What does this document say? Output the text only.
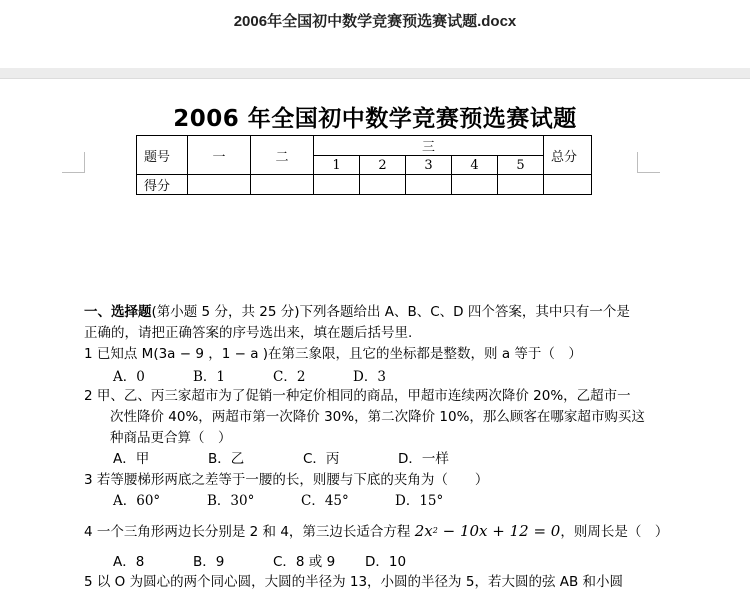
2006年全国初中数学竞赛预选赛试题.docx
2006 年全国初中数学竞赛预选赛试题
题号	一	二	三					总分
			1	2	3	4	5	
得分								
一、选择题(第小题 5 分，共 25 分)下列各题给出 A、B、C、D 四个答案，其中只有一个是
正确的，请把正确答案的序号选出来，填在题后括号里.
1 已知点 M(3a − 9 ，1 − a )在第三象限，且它的坐标都是整数，则 a 等于（　）
A．0	B．1	C．2	D．3
2 甲、乙、丙三家超市为了促销一种定价相同的商品，甲超市连续两次降价 20%，乙超市一
次性降价 40%，两超市第一次降价 30%，第二次降价 10%，那么顾客在哪家超市购买这
种商品更合算（　）
A．甲	B．乙	C．丙	D．一样
3 若等腰梯形两底之差等于一腰的长，则腰与下底的夹角为（　　）
A．60°	B．30°	C．45°	D．15°
4 一个三角形两边长分别是 2 和 4，第三边长适合方程 $2x^2 - 10x + 12 = 0$，则周长是（　）
A．8	B．9	C．8 或 9 D．10
5 以 O 为圆心的两个同心圆，大圆的半径为 13，小圆的半径为 5，若大圆的弦 AB 和小圆
